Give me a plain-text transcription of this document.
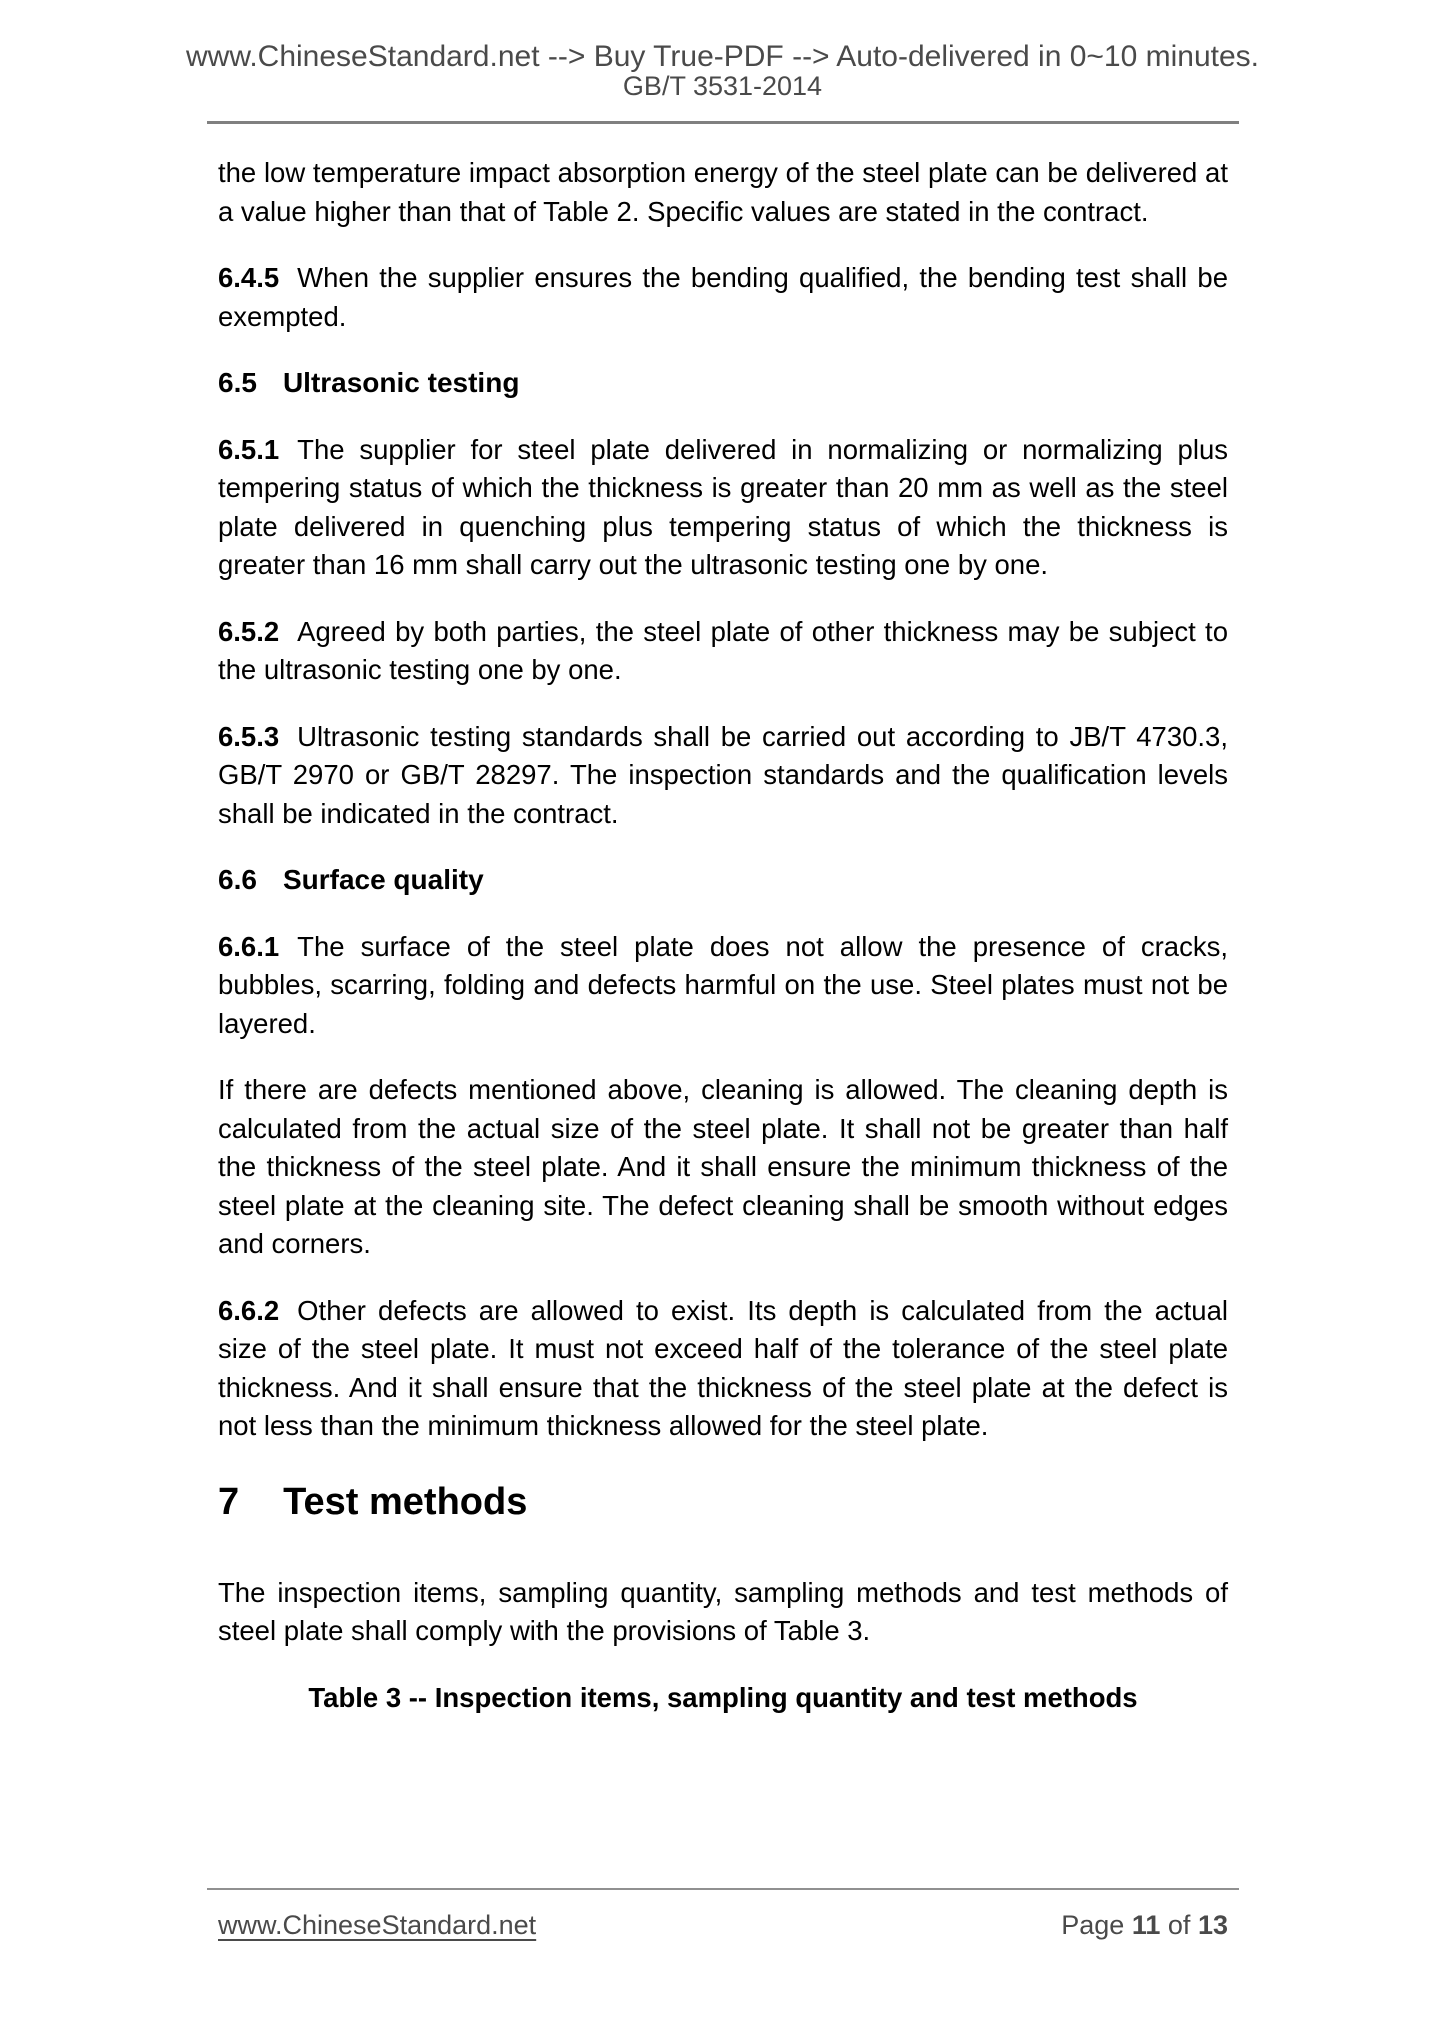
www.ChineseStandard.net --> Buy True-PDF --> Auto-delivered in 0~10 minutes.
GB/T 3531-2014

the low temperature impact absorption energy of the steel plate can be delivered at a value higher than that of Table 2. Specific values are stated in the contract.

6.4.5 When the supplier ensures the bending qualified, the bending test shall be exempted.

6.5 Ultrasonic testing

6.5.1 The supplier for steel plate delivered in normalizing or normalizing plus tempering status of which the thickness is greater than 20 mm as well as the steel plate delivered in quenching plus tempering status of which the thickness is greater than 16 mm shall carry out the ultrasonic testing one by one.

6.5.2 Agreed by both parties, the steel plate of other thickness may be subject to the ultrasonic testing one by one.

6.5.3 Ultrasonic testing standards shall be carried out according to JB/T 4730.3, GB/T 2970 or GB/T 28297. The inspection standards and the qualification levels shall be indicated in the contract.

6.6 Surface quality

6.6.1 The surface of the steel plate does not allow the presence of cracks, bubbles, scarring, folding and defects harmful on the use. Steel plates must not be layered.

If there are defects mentioned above, cleaning is allowed. The cleaning depth is calculated from the actual size of the steel plate. It shall not be greater than half the thickness of the steel plate. And it shall ensure the minimum thickness of the steel plate at the cleaning site. The defect cleaning shall be smooth without edges and corners.

6.6.2 Other defects are allowed to exist. Its depth is calculated from the actual size of the steel plate. It must not exceed half of the tolerance of the steel plate thickness. And it shall ensure that the thickness of the steel plate at the defect is not less than the minimum thickness allowed for the steel plate.

7 Test methods

The inspection items, sampling quantity, sampling methods and test methods of steel plate shall comply with the provisions of Table 3.

Table 3 -- Inspection items, sampling quantity and test methods

www.ChineseStandard.net	Page 11 of 13
